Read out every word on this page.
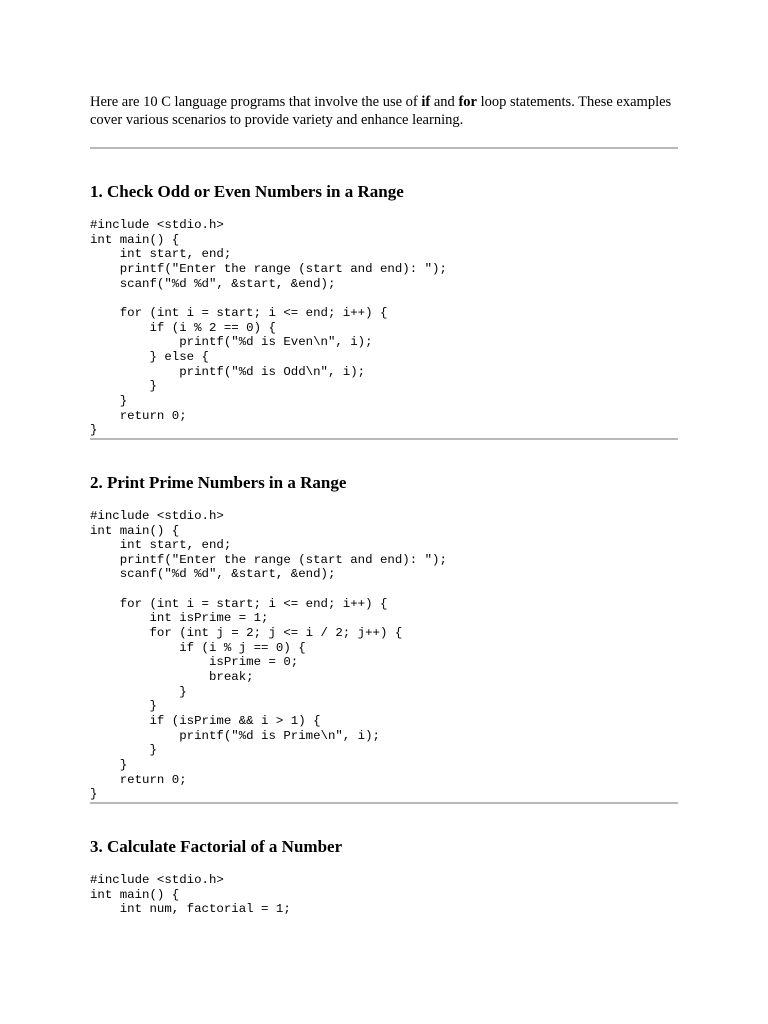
Here are 10 C language programs that involve the use of if and for loop statements. These examples cover various scenarios to provide variety and enhance learning.

1. Check Odd or Even Numbers in a Range
#include <stdio.h>
int main() {
int start, end;
printf("Enter the range (start and end): ");
scanf("%d %d", &start, &end);

for (int i = start; i <= end; i++) {
if (i % 2 == 0) {
printf("%d is Even\n", i);
} else {
printf("%d is Odd\n", i);
}
}
return 0;
}
2. Print Prime Numbers in a Range
#include <stdio.h>
int main() {
int start, end;
printf("Enter the range (start and end): ");
scanf("%d %d", &start, &end);

for (int i = start; i <= end; i++) {
int isPrime = 1;
for (int j = 2; j <= i / 2; j++) {
if (i % j == 0) {
isPrime = 0;
break;
}
}
if (isPrime && i > 1) {
printf("%d is Prime\n", i);
}
}
return 0;
}
3. Calculate Factorial of a Number
#include <stdio.h>
int main() {
int num, factorial = 1;
